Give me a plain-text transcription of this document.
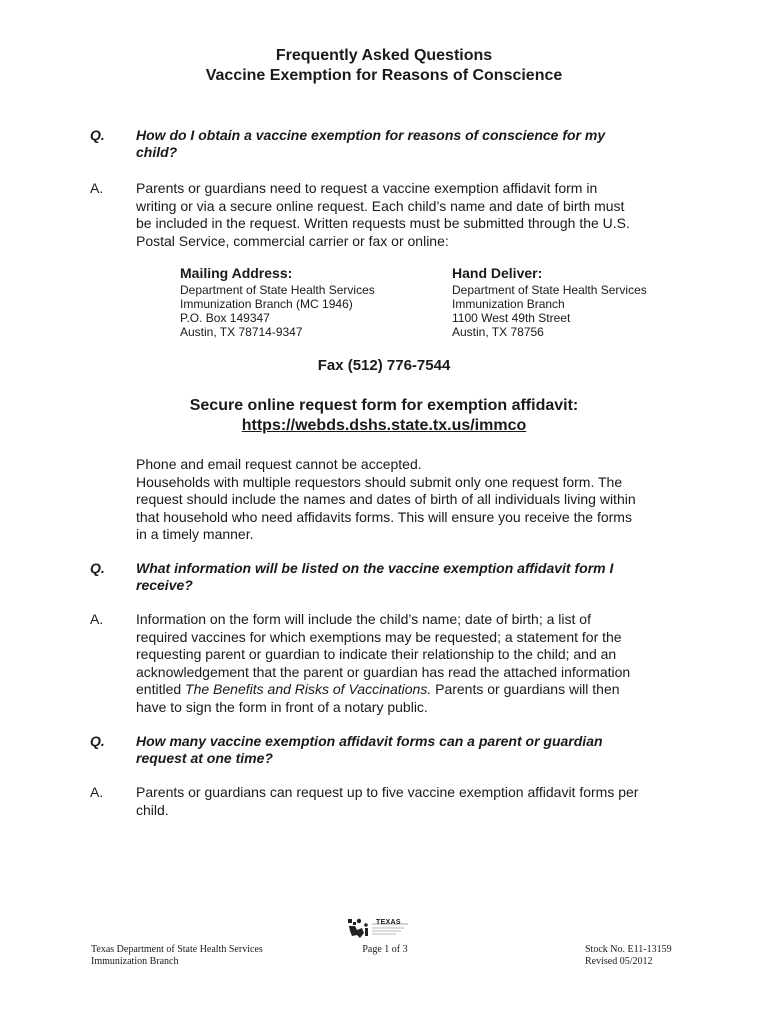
Frequently Asked Questions
Vaccine Exemption for Reasons of Conscience
Q. How do I obtain a vaccine exemption for reasons of conscience for my
child?
A. Parents or guardians need to request a vaccine exemption affidavit form in
writing or via a secure online request. Each child’s name and date of birth must
be included in the request. Written requests must be submitted through the U.S.
Postal Service, commercial carrier or fax or online:
Mailing Address:
Department of State Health Services
Immunization Branch (MC 1946)
P.O. Box 149347
Austin, TX 78714-9347
Hand Deliver:
Department of State Health Services
Immunization Branch
1100 West 49th Street
Austin, TX 78756
Fax (512) 776-7544
Secure online request form for exemption affidavit:
https://webds.dshs.state.tx.us/immco
Phone and email request cannot be accepted.
Households with multiple requestors should submit only one request form. The
request should include the names and dates of birth of all individuals living within
that household who need affidavits forms. This will ensure you receive the forms
in a timely manner.
Q. What information will be listed on the vaccine exemption affidavit form I
receive?
A. Information on the form will include the child’s name; date of birth; a list of
required vaccines for which exemptions may be requested; a statement for the
requesting parent or guardian to indicate their relationship to the child; and an
acknowledgement that the parent or guardian has read the attached information
entitled The Benefits and Risks of Vaccinations. Parents or guardians will then
have to sign the form in front of a notary public.
Q. How many vaccine exemption affidavit forms can a parent or guardian
request at one time?
A. Parents or guardians can request up to five vaccine exemption affidavit forms per
child.
TEXAS
Texas Department of State Health Services
Immunization Branch
Page 1 of 3	Stock No. E11-13159
Revised 05/2012
